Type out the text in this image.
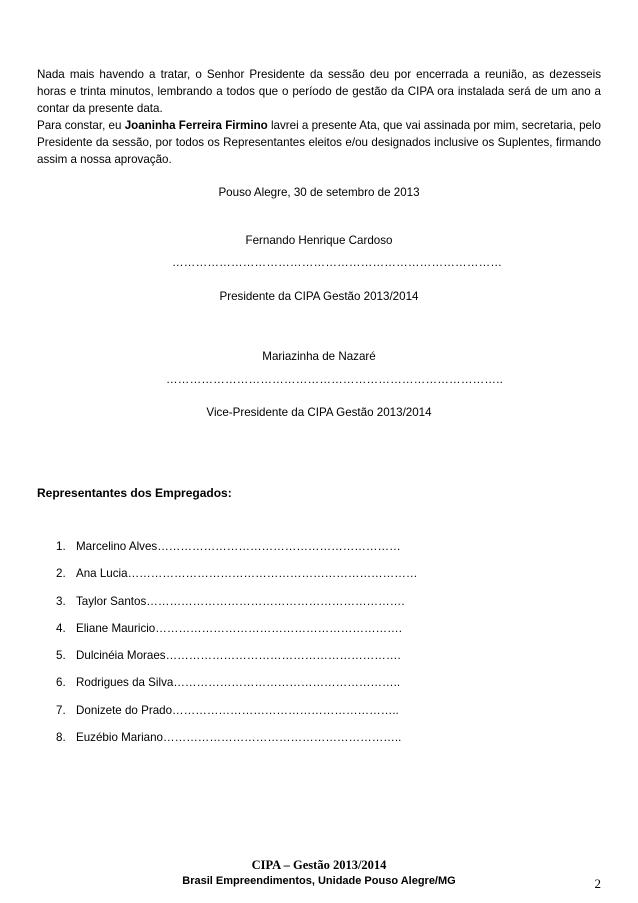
Nada mais havendo a tratar, o Senhor Presidente da sessão deu por encerrada a reunião, as dezesseis horas e trinta minutos, lembrando a todos que o período de gestão da CIPA ora instalada será de um ano a contar da presente data.

Para constar, eu Joaninha Ferreira Firmino lavrei a presente Ata, que vai assinada por mim, secretaria, pelo Presidente da sessão, por todos os Representantes eleitos e/ou designados inclusive os Suplentes, firmando assim a nossa aprovação.

Pouso Alegre, 30 de setembro de 2013
Fernando Henrique Cardoso
…………………………………………………………………………
Presidente da CIPA Gestão 2013/2014
Mariazinha de Nazaré
…………………………………………………………………………..
Vice-Presidente da CIPA Gestão 2013/2014
Representantes dos Empregados:
1. Marcelino Alves………………………………………………………
2. Ana Lucia…………………………………………………………………
3. Taylor Santos………………………………………………………….
4. Eliane Mauricio……………………………………………………….
5. Dulcinéia Moraes…………………………………………………….
6. Rodrigues da Silva…………………………………………………..
7. Donizete do Prado…………………………………………………..
8. Euzébio Mariano……………………………………………………..
CIPA – Gestão 2013/2014
Brasil Empreendimentos, Unidade Pouso Alegre/MG	2
